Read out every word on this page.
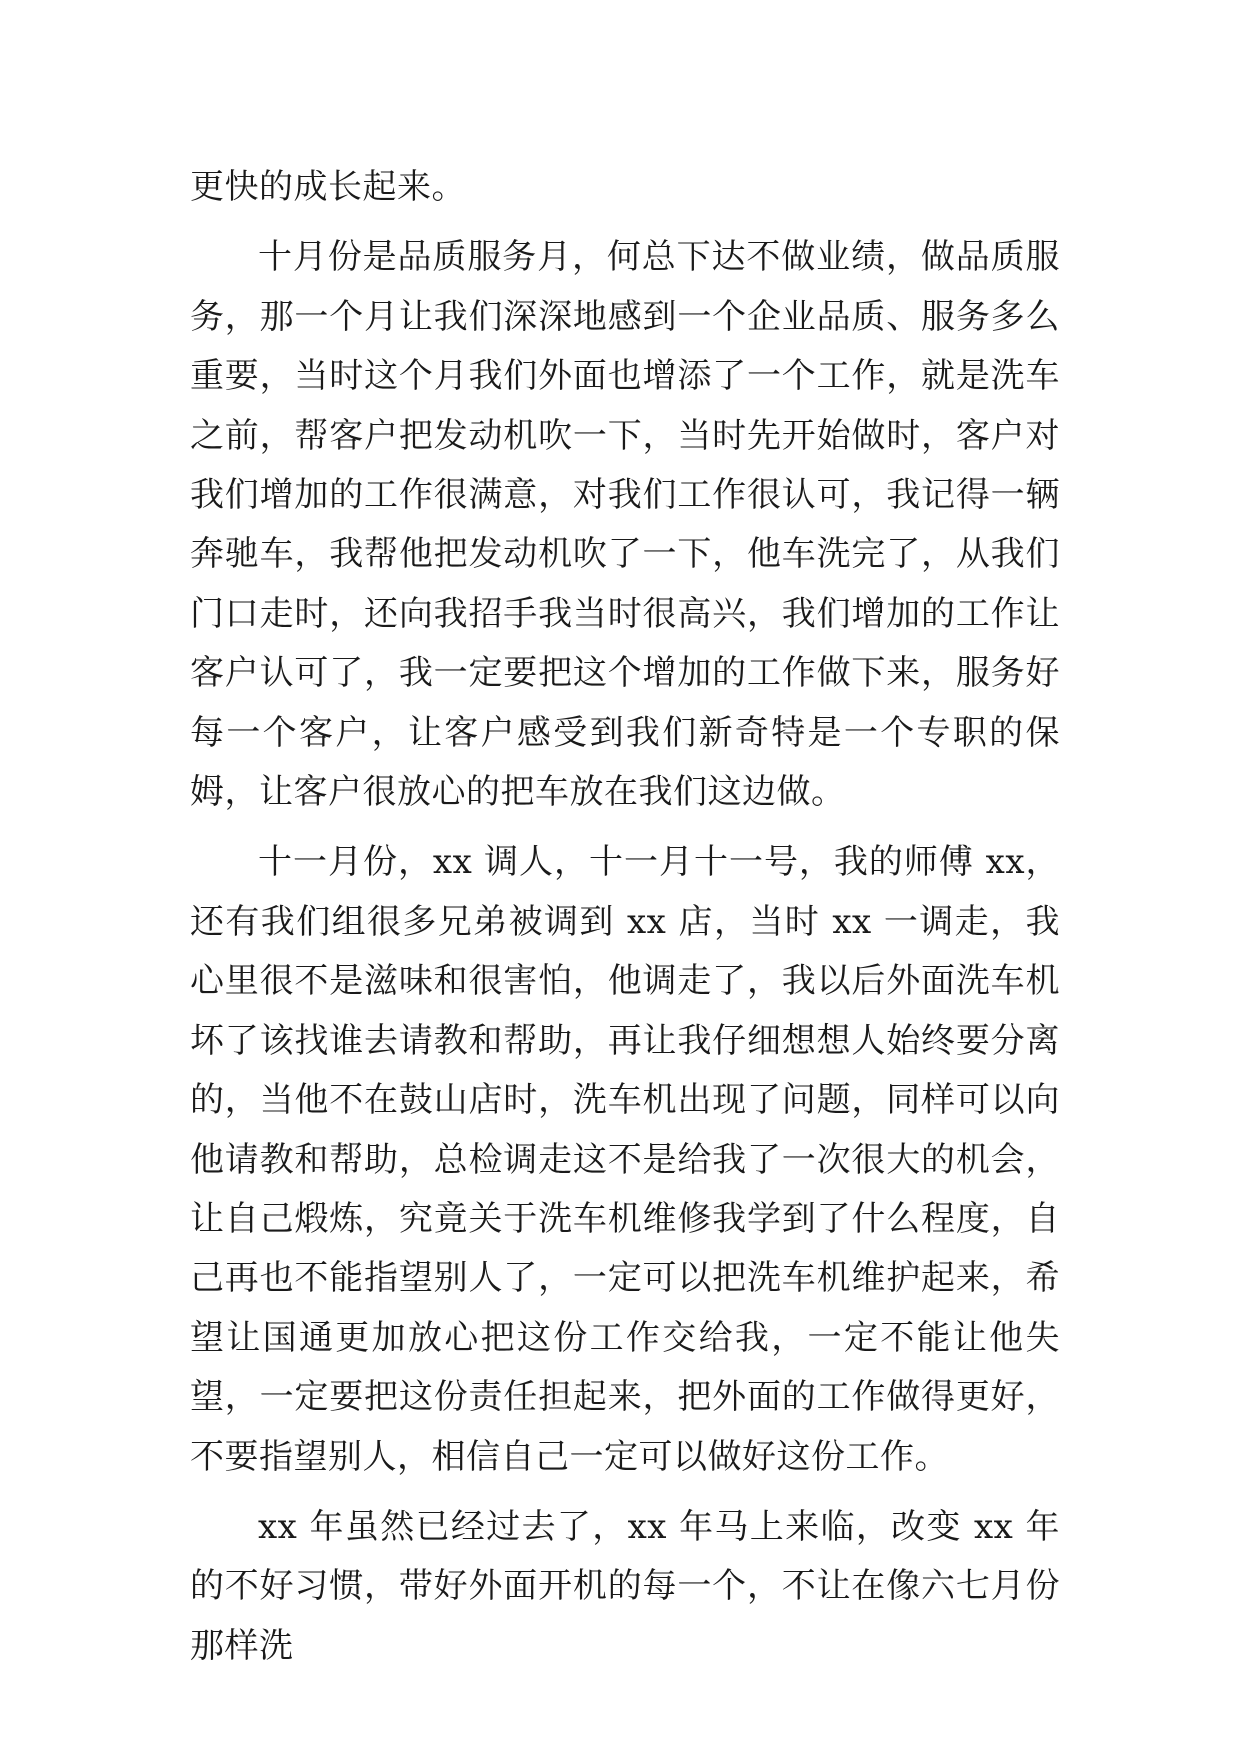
更快的成长起来。

十月份是品质服务月，何总下达不做业绩，做品质服务，那一个月让我们深深地感到一个企业品质、服务多么重要，当时这个月我们外面也增添了一个工作，就是洗车之前，帮客户把发动机吹一下，当时先开始做时，客户对我们增加的工作很满意，对我们工作很认可，我记得一辆奔驰车，我帮他把发动机吹了一下，他车洗完了，从我们门口走时，还向我招手我当时很高兴，我们增加的工作让客户认可了，我一定要把这个增加的工作做下来，服务好每一个客户，让客户感受到我们新奇特是一个专职的保姆，让客户很放心的把车放在我们这边做。

十一月份，xx 调人，十一月十一号，我的师傅 xx，还有我们组很多兄弟被调到 xx 店，当时 xx 一调走，我心里很不是滋味和很害怕，他调走了，我以后外面洗车机坏了该找谁去请教和帮助，再让我仔细想想人始终要分离的，当他不在鼓山店时，洗车机出现了问题，同样可以向他请教和帮助，总检调走这不是给我了一次很大的机会，让自己煅炼，究竟关于洗车机维修我学到了什么程度，自己再也不能指望别人了，一定可以把洗车机维护起来，希望让国通更加放心把这份工作交给我，一定不能让他失望，一定要把这份责任担起来，把外面的工作做得更好，不要指望别人，相信自己一定可以做好这份工作。

xx 年虽然已经过去了，xx 年马上来临，改变 xx 年的不好习惯，带好外面开机的每一个，不让在像六七月份那样洗
